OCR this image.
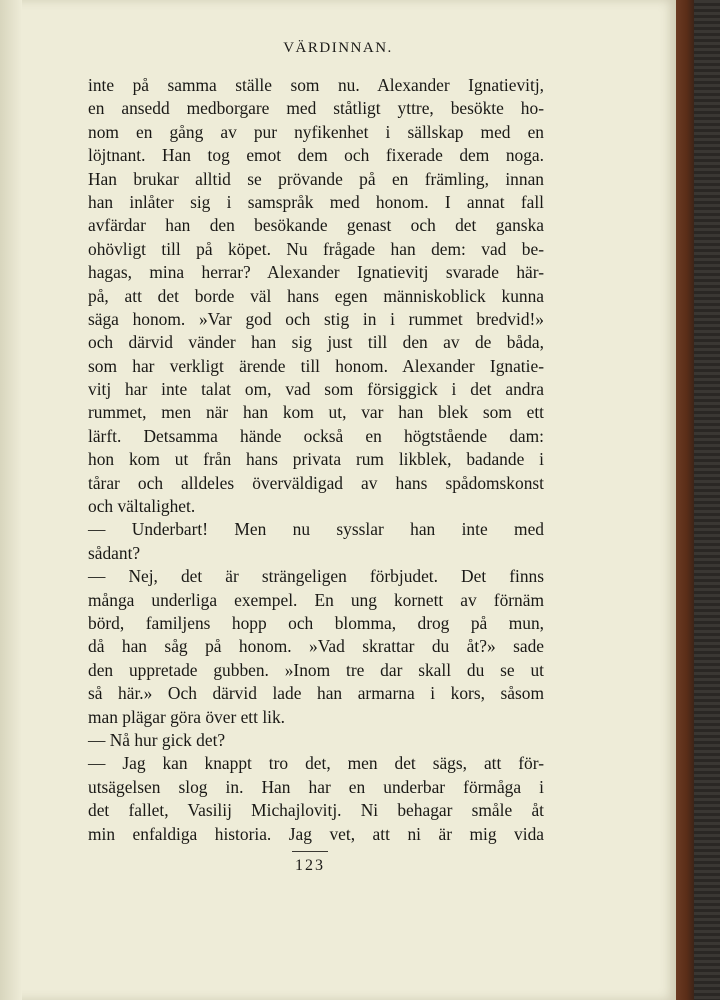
VÄRDINNAN.
inte på samma ställe som nu. Alexander Ignatievitj,
en ansedd medborgare med ståtligt yttre, besökte ho-
nom en gång av pur nyfikenhet i sällskap med en
löjtnant. Han tog emot dem och fixerade dem noga.
Han brukar alltid se prövande på en främling, innan
han inlåter sig i samspråk med honom. I annat fall
avfärdar han den besökande genast och det ganska
ohövligt till på köpet. Nu frågade han dem: vad be-
hagas, mina herrar? Alexander Ignatievitj svarade här-
på, att det borde väl hans egen människoblick kunna
säga honom. »Var god och stig in i rummet bredvid!»
och därvid vänder han sig just till den av de båda,
som har verkligt ärende till honom. Alexander Ignatie-
vitj har inte talat om, vad som försiggick i det andra
rummet, men när han kom ut, var han blek som ett
lärft. Detsamma hände också en högtstående dam:
hon kom ut från hans privata rum likblek, badande i
tårar och alldeles överväldigad av hans spådomskonst
och vältalighet.
— Underbart! Men nu sysslar han inte med
sådant?
— Nej, det är strängeligen förbjudet. Det finns
många underliga exempel. En ung kornett av förnäm
börd, familjens hopp och blomma, drog på mun,
då han såg på honom. »Vad skrattar du åt?» sade
den uppretade gubben. »Inom tre dar skall du se ut
så här.» Och därvid lade han armarna i kors, såsom
man plägar göra över ett lik.
— Nå hur gick det?
— Jag kan knappt tro det, men det sägs, att för-
utsägelsen slog in. Han har en underbar förmåga i
det fallet, Vasilij Michajlovitj. Ni behagar småle åt
min enfaldiga historia. Jag vet, att ni är mig vida
123
